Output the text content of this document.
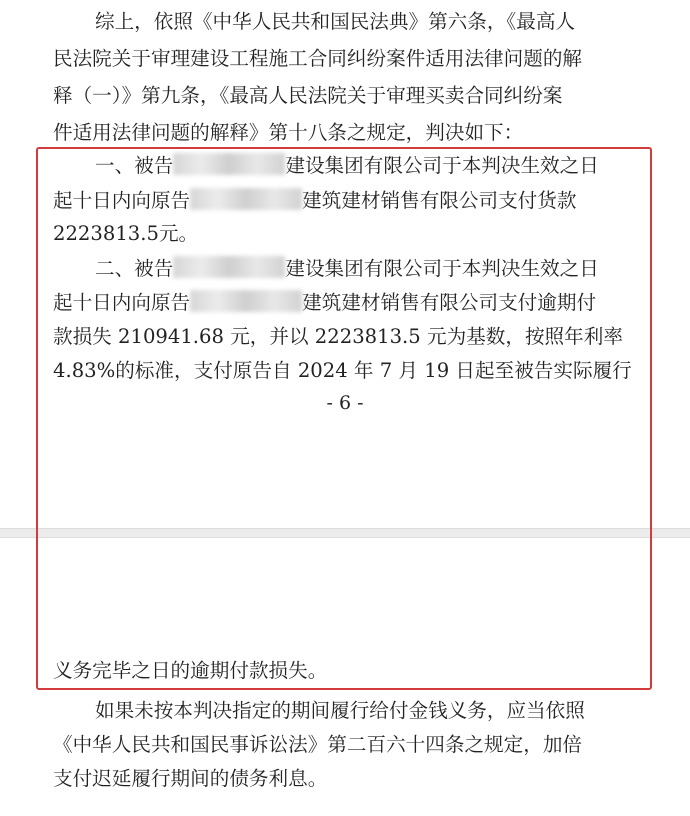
综上，依照《中华人民共和国民法典》第六条，《最高人
民法院关于审理建设工程施工合同纠纷案件适用法律问题的解
释（一）》第九条，《最高人民法院关于审理买卖合同纠纷案
件适用法律问题的解释》第十八条之规定，判决如下：
一、被告	建设集团有限公司于本判决生效之日
起十日内向原告	建筑建材销售有限公司支付货款
2223813.5元。
二、被告	建设集团有限公司于本判决生效之日
起十日内向原告	建筑建材销售有限公司支付逾期付
款损失 210941.68 元，并以 2223813.5 元为基数，按照年利率
4.83%的标准，支付原告自 2024 年 7 月 19 日起至被告实际履行
- 6 -
义务完毕之日的逾期付款损失。
如果未按本判决指定的期间履行给付金钱义务，应当依照
《中华人民共和国民事诉讼法》第二百六十四条之规定，加倍
支付迟延履行期间的债务利息。
